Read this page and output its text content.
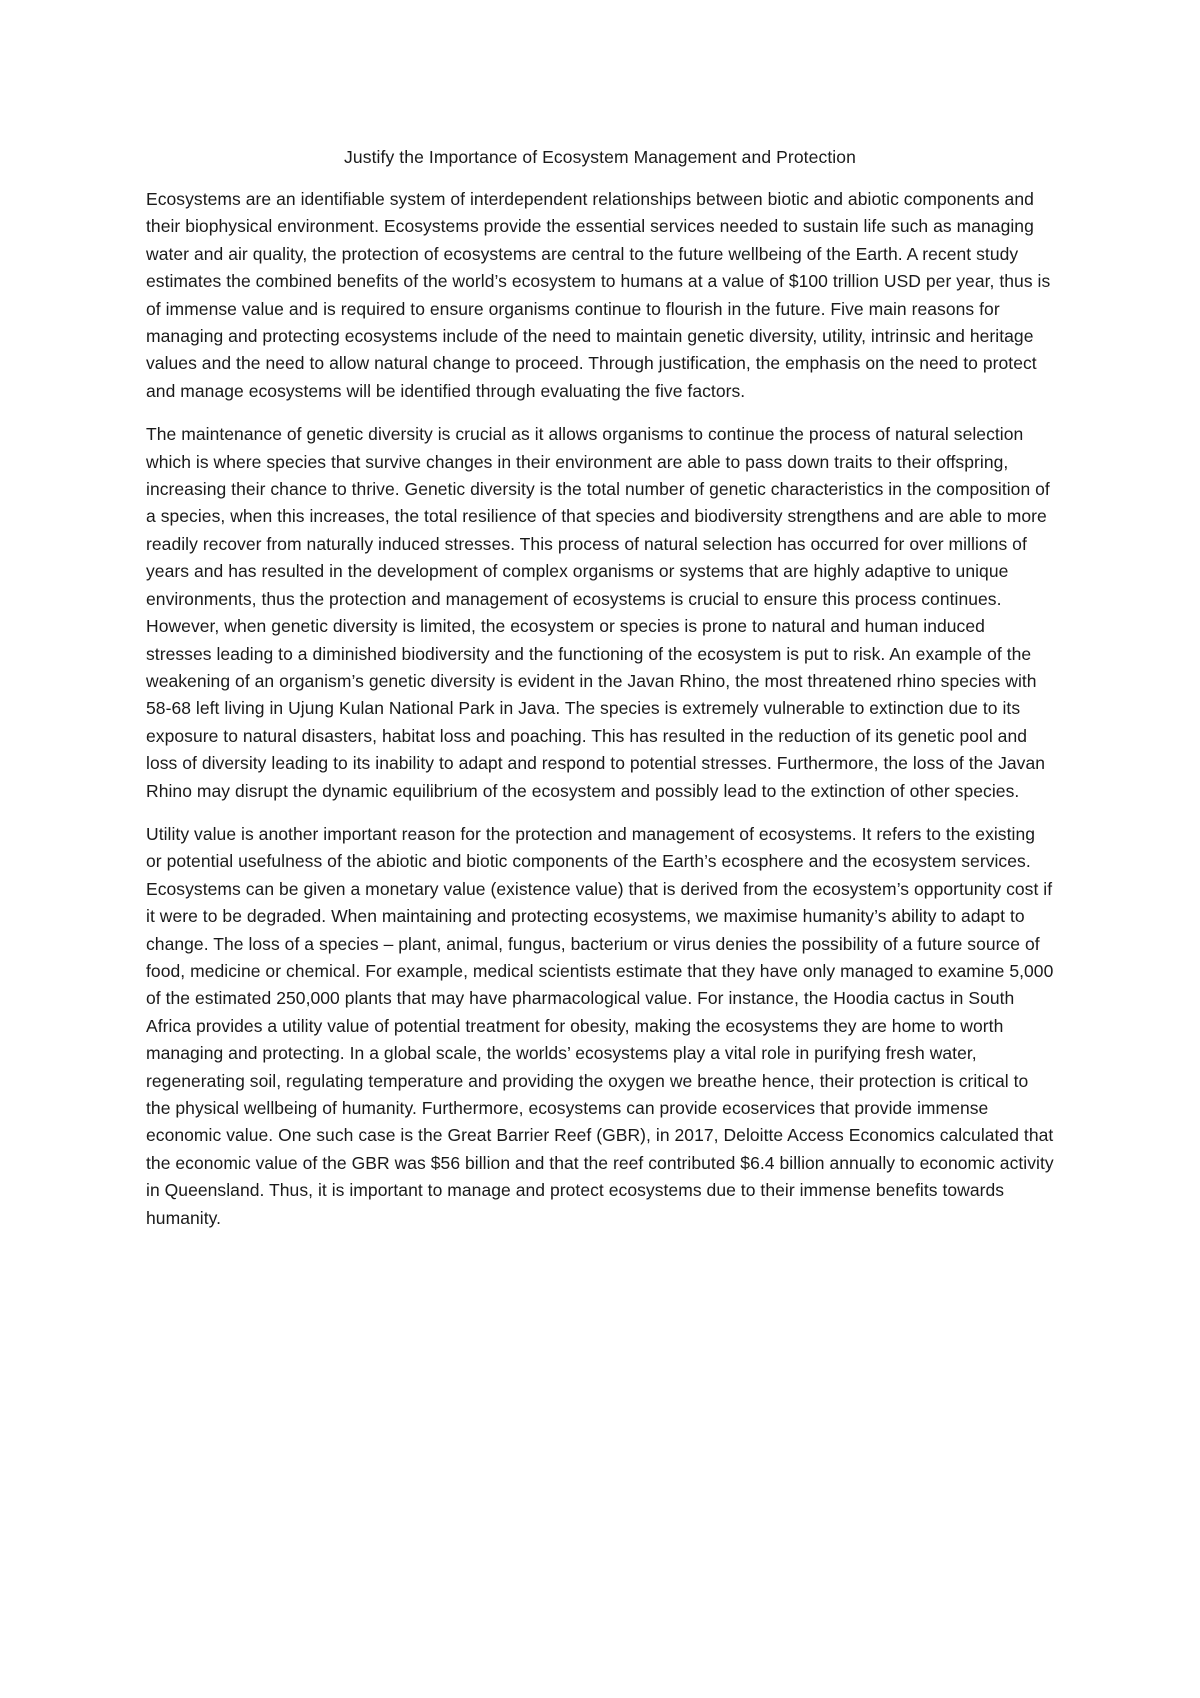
Justify the Importance of Ecosystem Management and Protection

Ecosystems are an identifiable system of interdependent relationships between biotic and abiotic components and their biophysical environment. Ecosystems provide the essential services needed to sustain life such as managing water and air quality, the protection of ecosystems are central to the future wellbeing of the Earth. A recent study estimates the combined benefits of the world’s ecosystem to humans at a value of $100 trillion USD per year, thus is of immense value and is required to ensure organisms continue to flourish in the future. Five main reasons for managing and protecting ecosystems include of the need to maintain genetic diversity, utility, intrinsic and heritage values and the need to allow natural change to proceed. Through justification, the emphasis on the need to protect and manage ecosystems will be identified through evaluating the five factors.

The maintenance of genetic diversity is crucial as it allows organisms to continue the process of natural selection which is where species that survive changes in their environment are able to pass down traits to their offspring, increasing their chance to thrive. Genetic diversity is the total number of genetic characteristics in the composition of a species, when this increases, the total resilience of that species and biodiversity strengthens and are able to more readily recover from naturally induced stresses. This process of natural selection has occurred for over millions of years and has resulted in the development of complex organisms or systems that are highly adaptive to unique environments, thus the protection and management of ecosystems is crucial to ensure this process continues. However, when genetic diversity is limited, the ecosystem or species is prone to natural and human induced stresses leading to a diminished biodiversity and the functioning of the ecosystem is put to risk. An example of the weakening of an organism’s genetic diversity is evident in the Javan Rhino, the most threatened rhino species with 58-68 left living in Ujung Kulan National Park in Java. The species is extremely vulnerable to extinction due to its exposure to natural disasters, habitat loss and poaching. This has resulted in the reduction of its genetic pool and loss of diversity leading to its inability to adapt and respond to potential stresses. Furthermore, the loss of the Javan Rhino may disrupt the dynamic equilibrium of the ecosystem and possibly lead to the extinction of other species.

Utility value is another important reason for the protection and management of ecosystems. It refers to the existing or potential usefulness of the abiotic and biotic components of the Earth’s ecosphere and the ecosystem services. Ecosystems can be given a monetary value (existence value) that is derived from the ecosystem’s opportunity cost if it were to be degraded. When maintaining and protecting ecosystems, we maximise humanity’s ability to adapt to change. The loss of a species – plant, animal, fungus, bacterium or virus denies the possibility of a future source of food, medicine or chemical. For example, medical scientists estimate that they have only managed to examine 5,000 of the estimated 250,000 plants that may have pharmacological value. For instance, the Hoodia cactus in South Africa provides a utility value of potential treatment for obesity, making the ecosystems they are home to worth managing and protecting. In a global scale, the worlds’ ecosystems play a vital role in purifying fresh water, regenerating soil, regulating temperature and providing the oxygen we breathe hence, their protection is critical to the physical wellbeing of humanity. Furthermore, ecosystems can provide ecoservices that provide immense economic value. One such case is the Great Barrier Reef (GBR), in 2017, Deloitte Access Economics calculated that the economic value of the GBR was $56 billion and that the reef contributed $6.4 billion annually to economic activity in Queensland. Thus, it is important to manage and protect ecosystems due to their immense benefits towards humanity.
